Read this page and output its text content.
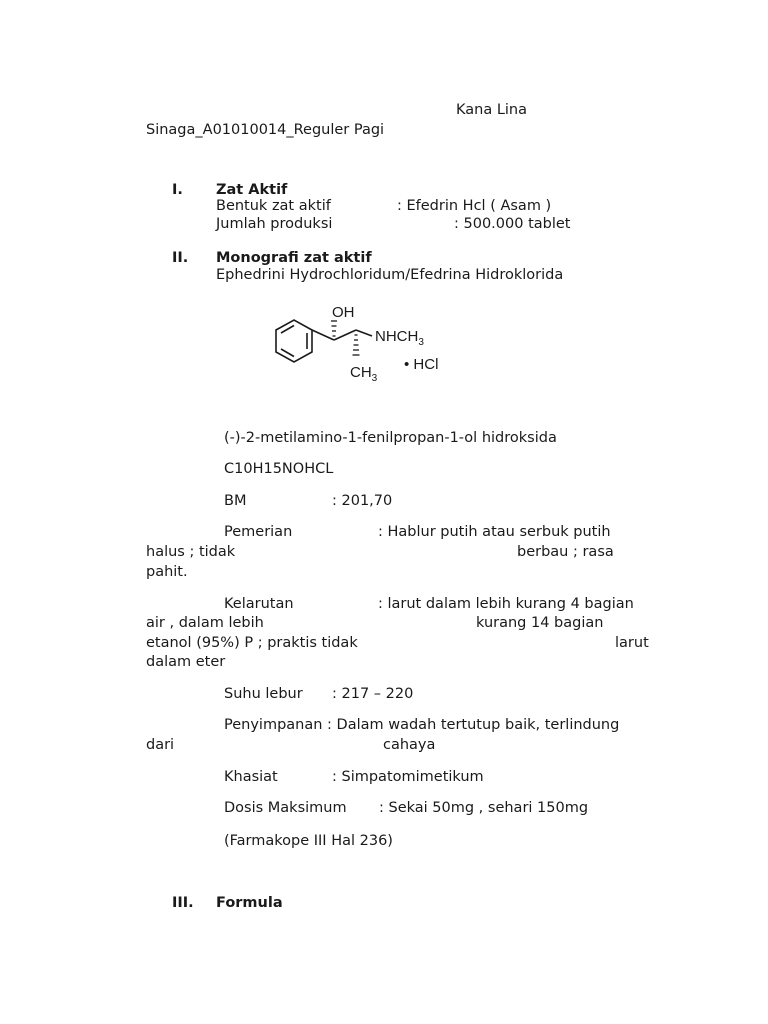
Kana Lina
Sinaga_A01010014_Reguler Pagi
I. Zat Aktif
Bentuk zat aktif	: Efedrin Hcl ( Asam )
Jumlah produksi	: 500.000 tablet
II. Monografi zat aktif
Ephedrini Hydrochloridum/Efedrina Hidroklorida
OH
$NHCH_3$
$CH_3$
• HCl
(-)-2-metilamino-1-fenilpropan-1-ol hidroksida
C10H15NOHCL
BM	: 201,70
Pemerian	: Hablur putih atau serbuk putih
halus ; tidak	berbau ; rasa
pahit.
Kelarutan	: larut dalam lebih kurang 4 bagian
air , dalam lebih	kurang 14 bagian
etanol (95%) P ; praktis tidak	larut
dalam eter
Suhu lebur : 217 – 220
Penyimpanan : Dalam wadah tertutup baik, terlindung
dari	cahaya
Khasiat	: Simpatomimetikum
Dosis Maksimum : Sekai 50mg , sehari 150mg
(Farmakope III Hal 236)
III. Formula
